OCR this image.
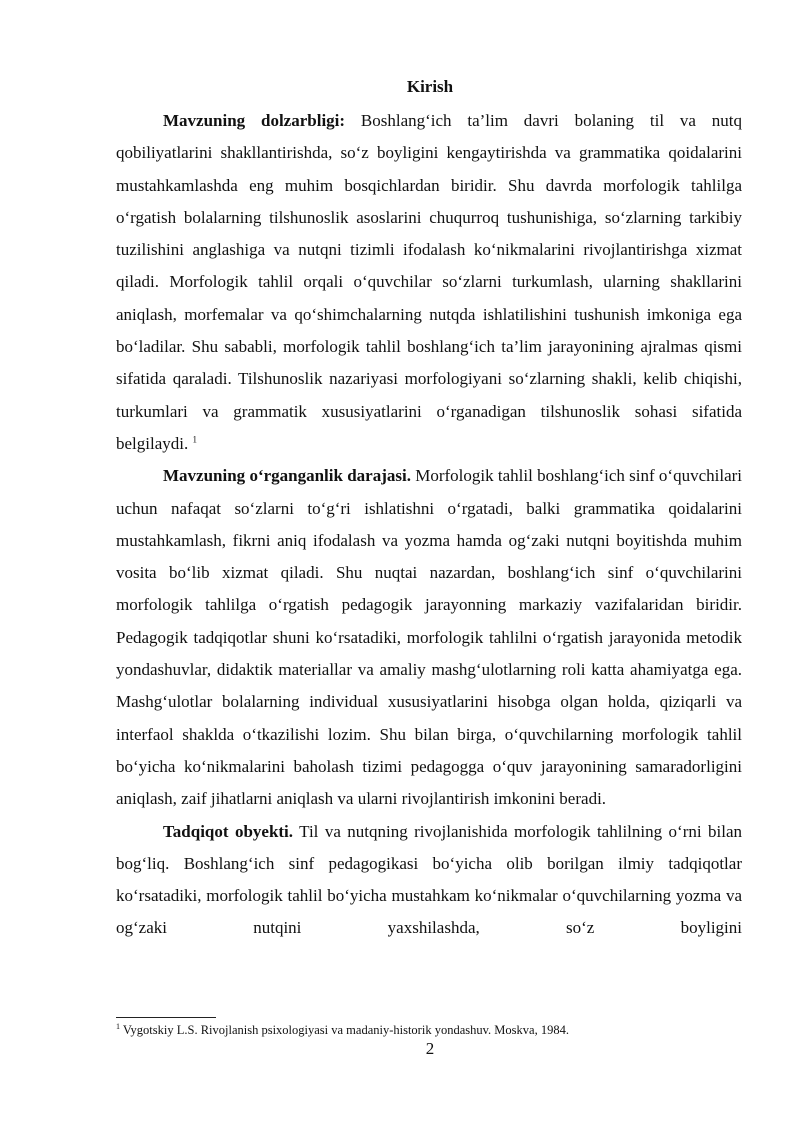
Kirish

Mavzuning dolzarbligi: Boshlang‘ich ta’lim davri bolaning til va nutq qobiliyatlarini shakllantirishda, so‘z boyligini kengaytirishda va grammatika qoidalarini mustahkamlashda eng muhim bosqichlardan biridir. Shu davrda morfologik tahlilga o‘rgatish bolalarning tilshunoslik asoslarini chuqurroq tushunishiga, so‘zlarning tarkibiy tuzilishini anglashiga va nutqni tizimli ifodalash ko‘nikmalarini rivojlantirishga xizmat qiladi. Morfologik tahlil orqali o‘quvchilar so‘zlarni turkumlash, ularning shakllarini aniqlash, morfemalar va qo‘shimchalarning nutqda ishlatilishini tushunish imkoniga ega bo‘ladilar. Shu sababli, morfologik tahlil boshlang‘ich ta’lim jarayonining ajralmas qismi sifatida qaraladi. Tilshunoslik nazariyasi morfologiyani so‘zlarning shakli, kelib chiqishi, turkumlari va grammatik xususiyatlarini o‘rganadigan tilshunoslik sohasi sifatida belgilaydi. $^1$

Mavzuning o‘rganganlik darajasi. Morfologik tahlil boshlang‘ich sinf o‘quvchilari uchun nafaqat so‘zlarni to‘g‘ri ishlatishni o‘rgatadi, balki grammatika qoidalarini mustahkamlash, fikrni aniq ifodalash va yozma hamda og‘zaki nutqni boyitishda muhim vosita bo‘lib xizmat qiladi. Shu nuqtai nazardan, boshlang‘ich sinf o‘quvchilarini morfologik tahlilga o‘rgatish pedagogik jarayonning markaziy vazifalaridan biridir. Pedagogik tadqiqotlar shuni ko‘rsatadiki, morfologik tahlilni o‘rgatish jarayonida metodik yondashuvlar, didaktik materiallar va amaliy mashg‘ulotlarning roli katta ahamiyatga ega. Mashg‘ulotlar bolalarning individual xususiyatlarini hisobga olgan holda, qiziqarli va interfaol shaklda o‘tkazilishi lozim. Shu bilan birga, o‘quvchilarning morfologik tahlil bo‘yicha ko‘nikmalarini baholash tizimi pedagogga o‘quv jarayonining samaradorligini aniqlash, zaif jihatlarni aniqlash va ularni rivojlantirish imkonini beradi.

Tadqiqot obyekti. Til va nutqning rivojlanishida morfologik tahlilning o‘rni bilan bog‘liq. Boshlang‘ich sinf pedagogikasi bo‘yicha olib borilgan ilmiy tadqiqotlar ko‘rsatadiki, morfologik tahlil bo‘yicha mustahkam ko‘nikmalar o‘quvchilarning yozma va og‘zaki nutqini yaxshilashda, so‘z boyligini

$^1$ Vygotskiy L.S. Rivojlanish psixologiyasi va madaniy-historik yondashuv. Moskva, 1984.
2
